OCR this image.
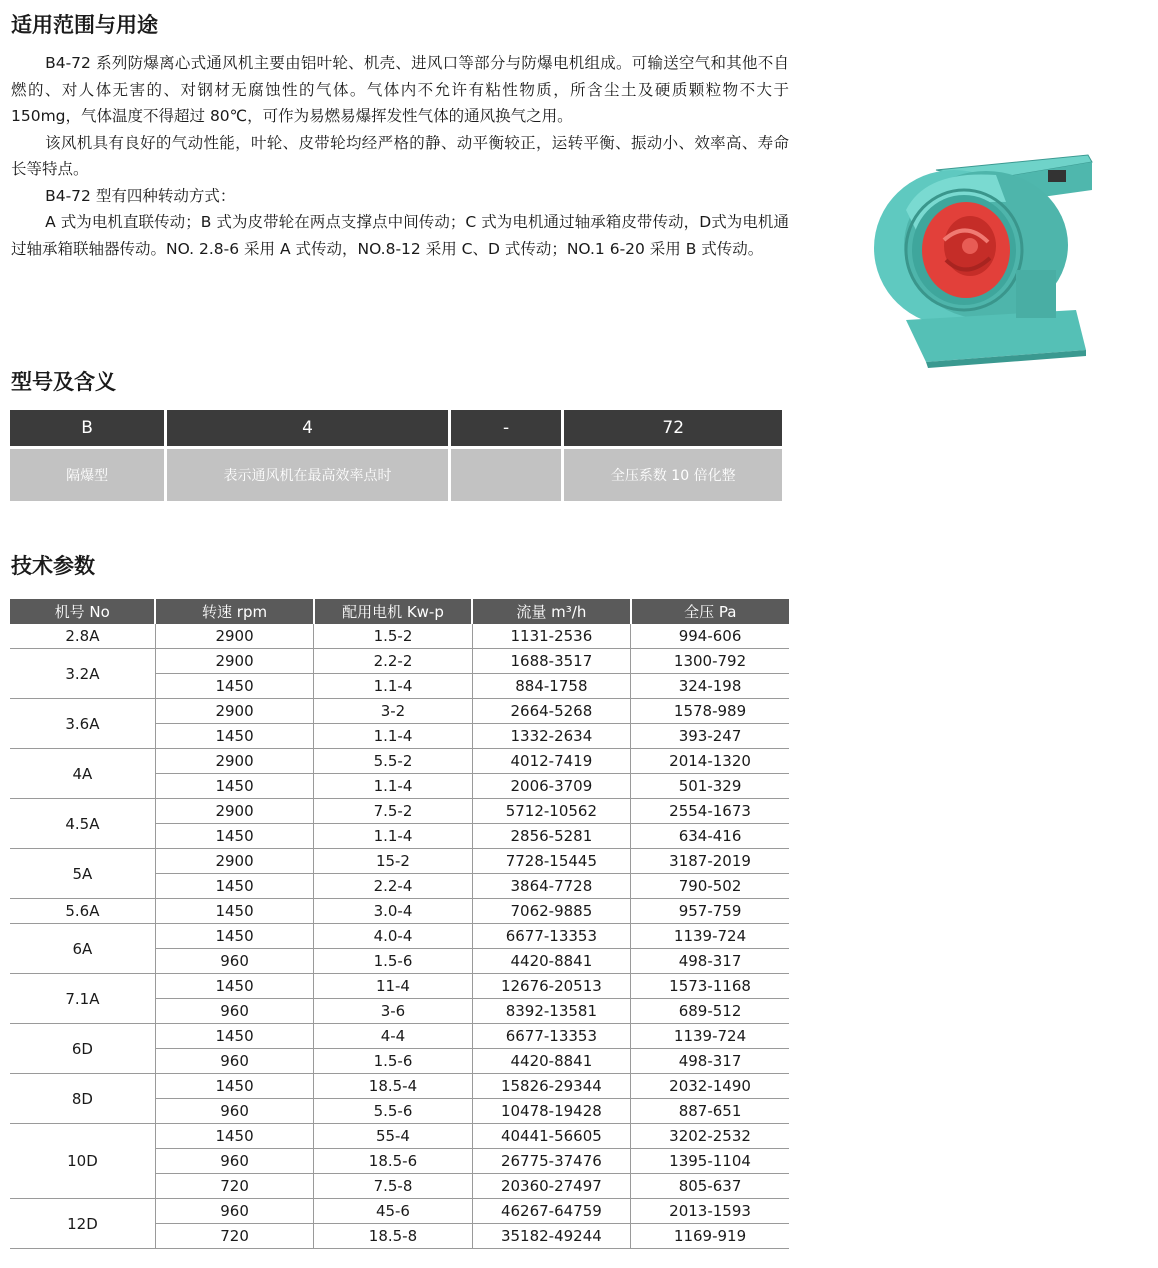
适用范围与用途

B4-72 系列防爆离心式通风机主要由铝叶轮、机壳、进风口等部分与防爆电机组成。可输送空气和其他不自燃的、对人体无害的、对钢材无腐蚀性的气体。气体内不允许有粘性物质，所含尘土及硬质颗粒物不大于150mg，气体温度不得超过 80℃，可作为易燃易爆挥发性气体的通风换气之用。

该风机具有良好的气动性能，叶轮、皮带轮均经严格的静、动平衡较正，运转平衡、振动小、效率高、寿命长等特点。

B4-72 型有四种转动方式：

A 式为电机直联传动；B 式为皮带轮在两点支撑点中间传动；C 式为电机通过轴承箱皮带传动，D式为电机通过轴承箱联轴器传动。NO. 2.8-6 采用 A 式传动，NO.8-12 采用 C、D 式传动；NO.1 6-20 采用 B 式传动。

型号及含义
B	4	-	72
隔爆型	表示通风机在最高效率点时		全压系数 10 倍化整
技术参数
机号 No	转速 rpm	配用电机 Kw-p	流量 m³/h	全压 Pa
2.8A	2900	1.5-2	1131-2536	994-606
3.2A	2900	2.2-2	1688-3517	1300-792
	1450	1.1-4	884-1758	324-198
3.6A	2900	3-2	2664-5268	1578-989
	1450	1.1-4	1332-2634	393-247
4A	2900	5.5-2	4012-7419	2014-1320
	1450	1.1-4	2006-3709	501-329
4.5A	2900	7.5-2	5712-10562	2554-1673
	1450	1.1-4	2856-5281	634-416
5A	2900	15-2	7728-15445	3187-2019
	1450	2.2-4	3864-7728	790-502
5.6A	1450	3.0-4	7062-9885	957-759
6A	1450	4.0-4	6677-13353	1139-724
	960	1.5-6	4420-8841	498-317
7.1A	1450	11-4	12676-20513	1573-1168
	960	3-6	8392-13581	689-512
6D	1450	4-4	6677-13353	1139-724
	960	1.5-6	4420-8841	498-317
8D	1450	18.5-4	15826-29344	2032-1490
	960	5.5-6	10478-19428	887-651
10D	1450	55-4	40441-56605	3202-2532
	960	18.5-6	26775-37476	1395-1104
	720	7.5-8	20360-27497	805-637
12D	960	45-6	46267-64759	2013-1593
	720	18.5-8	35182-49244	1169-919
